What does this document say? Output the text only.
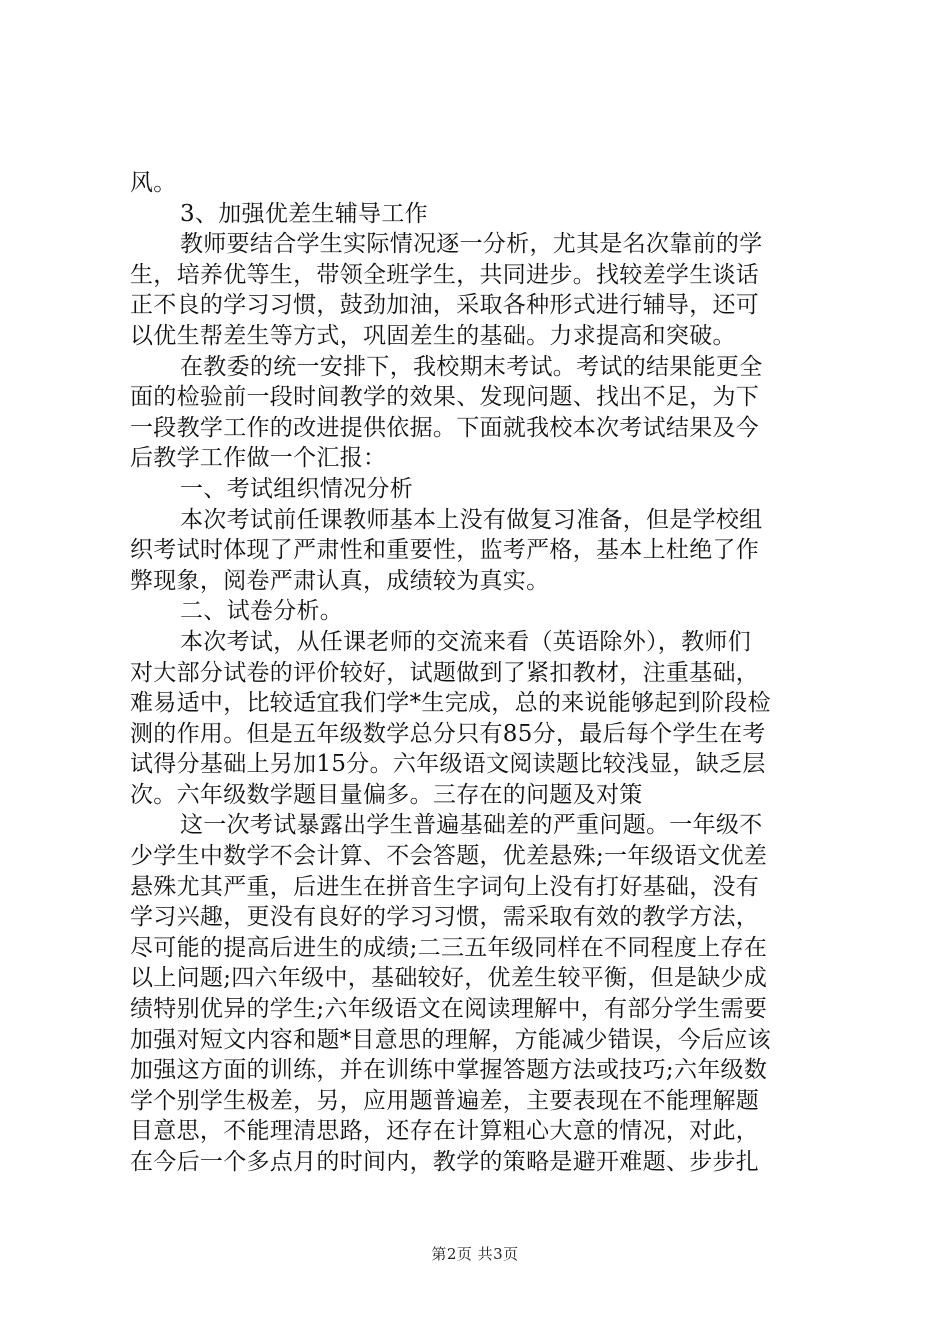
风。
3、加强优差生辅导工作
教师要结合学生实际情况逐一分析，尤其是名次靠前的学
生，培养优等生，带领全班学生，共同进步。找较差学生谈话
正不良的学习习惯，鼓劲加油，采取各种形式进行辅导，还可
以优生帮差生等方式，巩固差生的基础。力求提高和突破。
在教委的统一安排下，我校期末考试。考试的结果能更全
面的检验前一段时间教学的效果、发现问题、找出不足，为下
一段教学工作的改进提供依据。下面就我校本次考试结果及今
后教学工作做一个汇报：
一、考试组织情况分析
本次考试前任课教师基本上没有做复习准备，但是学校组
织考试时体现了严肃性和重要性，监考严格，基本上杜绝了作
弊现象，阅卷严肃认真，成绩较为真实。
二、试卷分析。
本次考试，从任课老师的交流来看（英语除外），教师们
对大部分试卷的评价较好，试题做到了紧扣教材，注重基础，
难易适中，比较适宜我们学*生完成，总的来说能够起到阶段检
测的作用。但是五年级数学总分只有85分，最后每个学生在考
试得分基础上另加15分。六年级语文阅读题比较浅显，缺乏层
次。六年级数学题目量偏多。三存在的问题及对策
这一次考试暴露出学生普遍基础差的严重问题。一年级不
少学生中数学不会计算、不会答题，优差悬殊;一年级语文优差
悬殊尤其严重，后进生在拼音生字词句上没有打好基础，没有
学习兴趣，更没有良好的学习习惯，需采取有效的教学方法，
尽可能的提高后进生的成绩;二三五年级同样在不同程度上存在
以上问题;四六年级中，基础较好，优差生较平衡，但是缺少成
绩特别优异的学生;六年级语文在阅读理解中，有部分学生需要
加强对短文内容和题*目意思的理解，方能减少错误，今后应该
加强这方面的训练，并在训练中掌握答题方法或技巧;六年级数
学个别学生极差，另，应用题普遍差，主要表现在不能理解题
目意思，不能理清思路，还存在计算粗心大意的情况，对此，
在今后一个多点月的时间内，教学的策略是避开难题、步步扎
第2页 共3页
